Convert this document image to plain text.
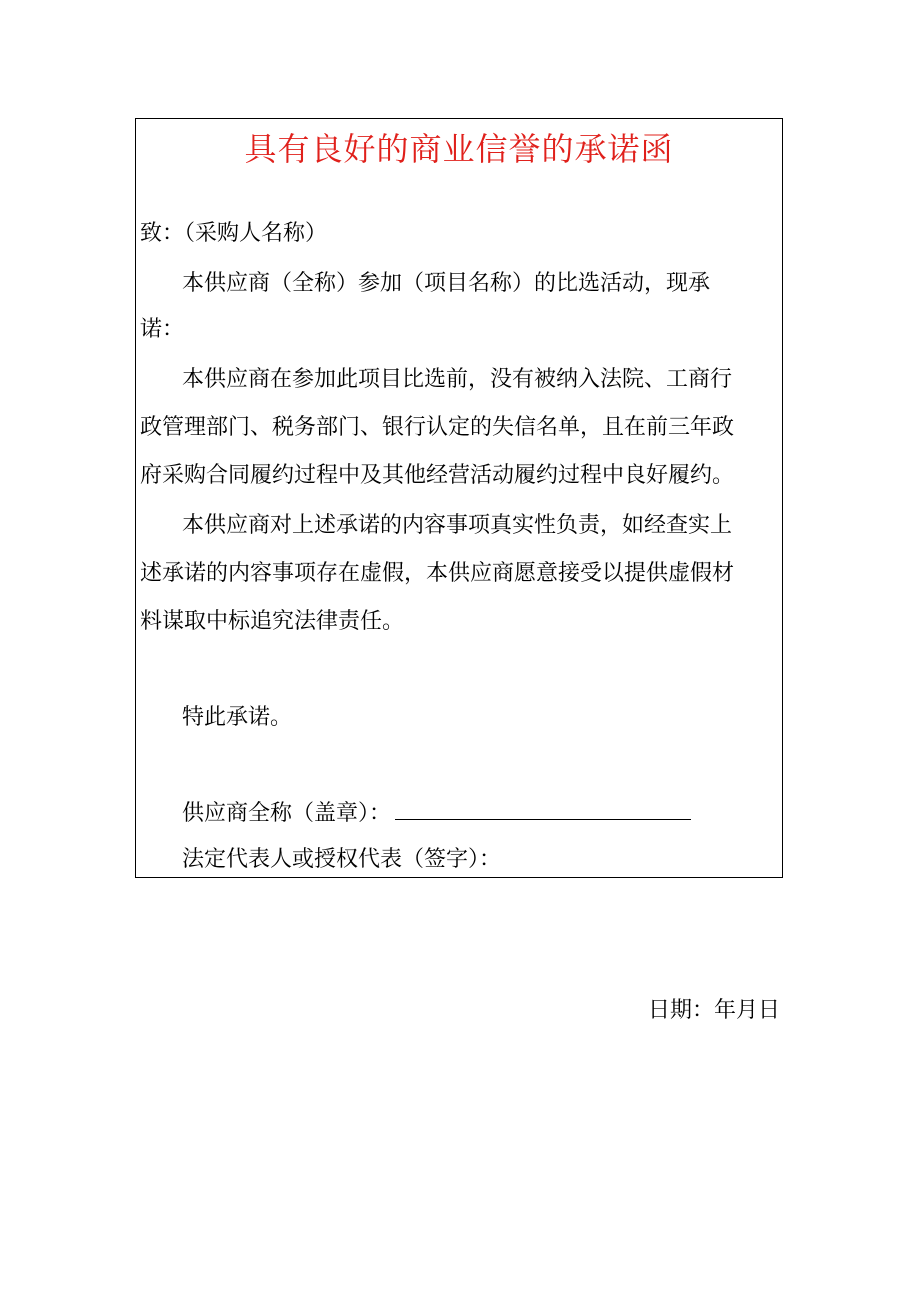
具有良好的商业信誉的承诺函
致：（采购人名称）
本供应商（全称）参加（项目名称）的比选活动，现承
诺：
本供应商在参加此项目比选前，没有被纳入法院、工商行
政管理部门、税务部门、银行认定的失信名单，且在前三年政
府采购合同履约过程中及其他经营活动履约过程中良好履约。
本供应商对上述承诺的内容事项真实性负责，如经查实上
述承诺的内容事项存在虚假，本供应商愿意接受以提供虚假材
料谋取中标追究法律责任。
特此承诺。
供应商全称（盖章）：
法定代表人或授权代表（签字）：
日期：年月日
